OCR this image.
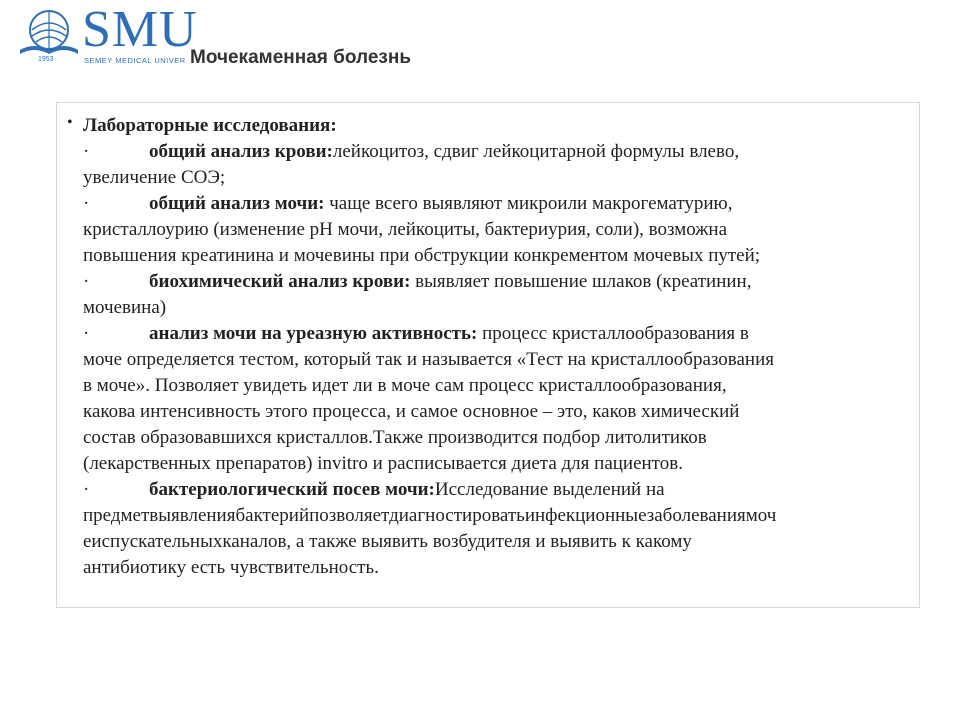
1953
SMU
SEMEY MEDICAL UNIVER Мочекаменная болезнь
• Лабораторные исследования:
·	общий анализ крови:лейкоцитоз, сдвиг лейкоцитарной формулы влево,
увеличение СОЭ;
·	общий анализ мочи: чаще всего выявляют микроили макрогематурию,
кристаллоурию (изменение рН мочи, лейкоциты, бактериурия, соли), возможна
повышения креатинина и мочевины при обструкции конкрементом мочевых путей;
·	биохимический анализ крови: выявляет повышение шлаков (креатинин,
мочевина)
·	анализ мочи на уреазную активность: процесс кристаллообразования в
моче определяется тестом, который так и называется «Тест на кристаллообразования
в моче». Позволяет увидеть идет ли в моче сам процесс кристаллообразования,
какова интенсивность этого процесса, и самое основное – это, каков химический
состав образовавшихся кристаллов.Также производится подбор литолитиков
(лекарственных препаратов) invitro и расписывается диета для пациентов.
·	бактериологический посев мочи:Исследование выделений на
предметвыявлениябактерийпозволяетдиагностироватьинфекционныезаболеваниямоч
еиспускательныхканалов, а также выявить возбудителя и выявить к какому
антибиотику есть чувствительность.
